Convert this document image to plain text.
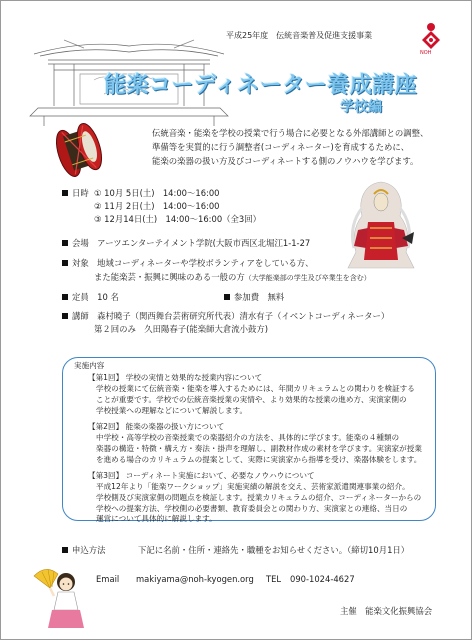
平成25年度　伝統音楽普及促進支援事業
NOH
能楽コーディネーター養成講座
学校編
伝統音楽・能楽を学校の授業で行う場合に必要となる外部講師との調整、
準備等を実質的に行う調整者(コーディネーター)を育成するために、
能楽の楽器の扱い方及びコーディネートする側のノウハウを学びます。
日時 ① 10月 5日(土)　14:00～16:00
② 11月 2日(土)　14:00～16:00
③ 12月14日(土)　14:00～16:00（全3回）
会場　 アーツエンターテイメント学院(大阪市西区北堀江1-1-27
対象　 地域コーディネーターや学校ボランティアをしている方、
また能楽芸・振興に興味のある一般の方（大学能楽部の学生及び卒業生を含む）
定員　 10 名	参加費　 無料
講師　 森村曉子（関西舞台芸術研究所代表）清水有子（イベントコーディネーター）
第２回のみ　久田陽春子(能楽師大倉流小鼓方)
実施内容
【第1回】 学校の実情と効果的な授業内容について
学校の授業にて伝統音楽・能楽を導入するためには、年間カリキュラムとの関わりを検証する
ことが重要です。学校での伝統音楽授業の実情や、より効果的な授業の進め方、実演家側の
学校授業への理解などについて解説します。
【第2回】 能楽の楽器の扱い方について
中学校・高等学校の音楽授業での楽器紹介の方法を、具体的に学びます。能楽の４種類の
楽器の構造・特徴・構え方・奏法・掛声を理解し、副教材作成の素材を学びます。実演家が授業
を進める場合のカリキュラムの提案として、実際に実演家から指導を受け、楽器体験をします。
【第3回】 コーディネート実施において、必要なノウハウについて
平成12年より「能楽ワークショップ」実施実績の解説を交え、芸術家派遣関連事業の紹介。
学校側及び実演家側の問題点を検証します。授業カリキュラムの紹介、コーディネーターからの
学校への提案方法、学校側の必要書類、教育委員会との関わり方、実演家との連絡、当日の
運営について具体的に解説します。
申込方法	下記に名前・住所・連絡先・職種をお知らせください。（締切10月1日）
Email makiyama@noh-kyogen.org TEL 090-1024-4627
主催　能楽文化振興協会
